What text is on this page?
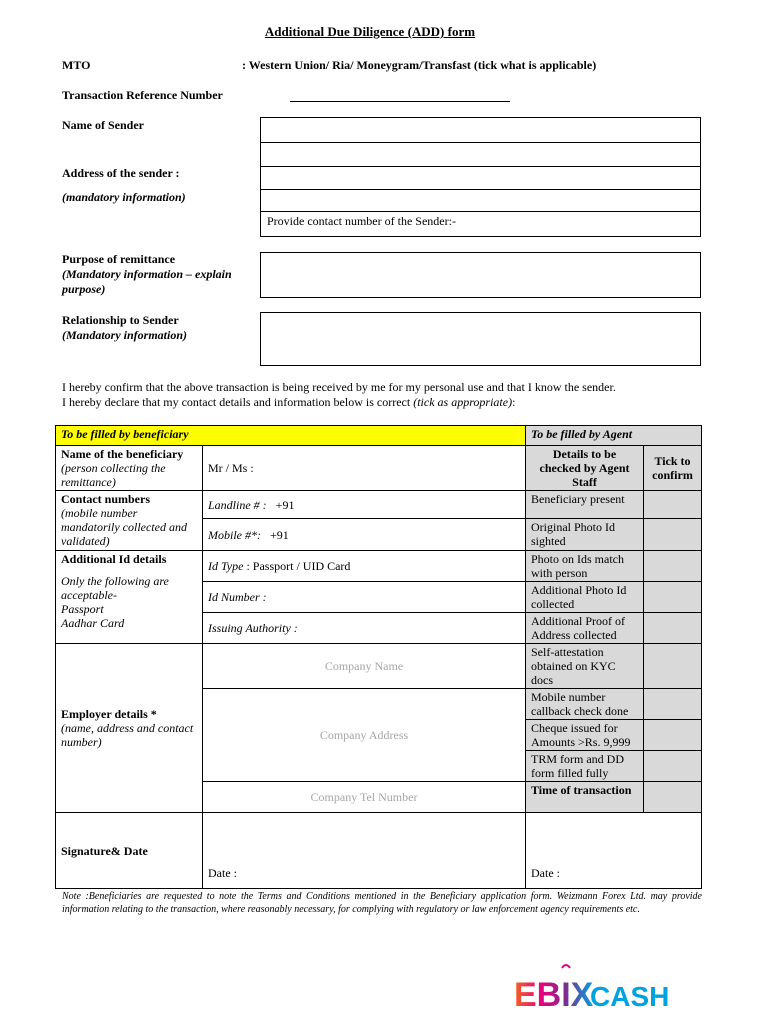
Additional Due Diligence (ADD) form
MTO	: Western Union/ Ria/ Moneygram/Transfast (tick what is applicable)
Transaction Reference Number
Name of Sender
Address of the sender :
(mandatory information)
Provide contact number of the Sender:-
Purpose of remittance
(Mandatory information – explain purpose)
Relationship to Sender
(Mandatory information)
I hereby confirm that the above transaction is being received by me for my personal use and that I know the sender.
I hereby declare that my contact details and information below is correct (tick as appropriate):
To be filled by beneficiary		To be filled by Agent	
Name of the beneficiary
(person collecting the remittance)	Mr / Ms :	Details to be checked by Agent Staff	Tick to confirm
Contact numbers
(mobile number mandatorily collected and validated)	Landline # : +91	Beneficiary present	
	Mobile #*: +91	Original Photo Id sighted	
Additional Id details

Only the following are acceptable-
Passport
Aadhar Card	Id Type : Passport / UID Card	Photo on Ids match with person	
	Id Number :	Additional Photo Id collected	
	Issuing Authority :	Additional Proof of Address collected	
Employer details *
(name, address and contact number)	Company Name	Self-attestation obtained on KYC docs	
	Company Address	Mobile number callback check done	
		Cheque issued for Amounts >Rs. 9,999	
		TRM form and DD form filled fully	
	Company Tel Number	Time of transaction	
Signature& Date	Date :	Date :	
Note :Beneficiaries are requested to note the Terms and Conditions mentioned in the Beneficiary application form. Weizmann Forex Ltd. may provide information relating to the transaction, where reasonably necessary, for complying with regulatory or law enforcement agency requirements etc.
EBIX
CASH
